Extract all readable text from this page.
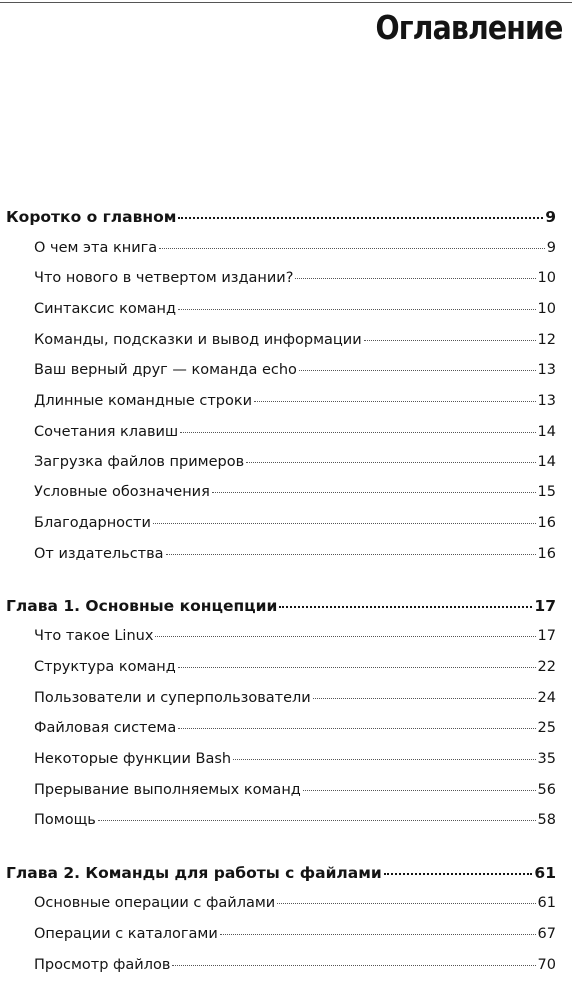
Оглавление
Коротко о главном	9
О чем эта книга	9
Что нового в четвертом издании?	10
Синтаксис команд	10
Команды, подсказки и вывод информации	12
Ваш верный друг — команда echo	13
Длинные командные строки	13
Сочетания клавиш	14
Загрузка файлов примеров	14
Условные обозначения	15
Благодарности	16
От издательства	16
Глава 1. Основные концепции	17
Что такое Linux	17
Структура команд	22
Пользователи и суперпользователи	24
Файловая система	25
Некоторые функции Bash	35
Прерывание выполняемых команд	56
Помощь	58
Глава 2. Команды для работы с файлами	61
Основные операции с файлами	61
Операции с каталогами	67
Просмотр файлов	70
